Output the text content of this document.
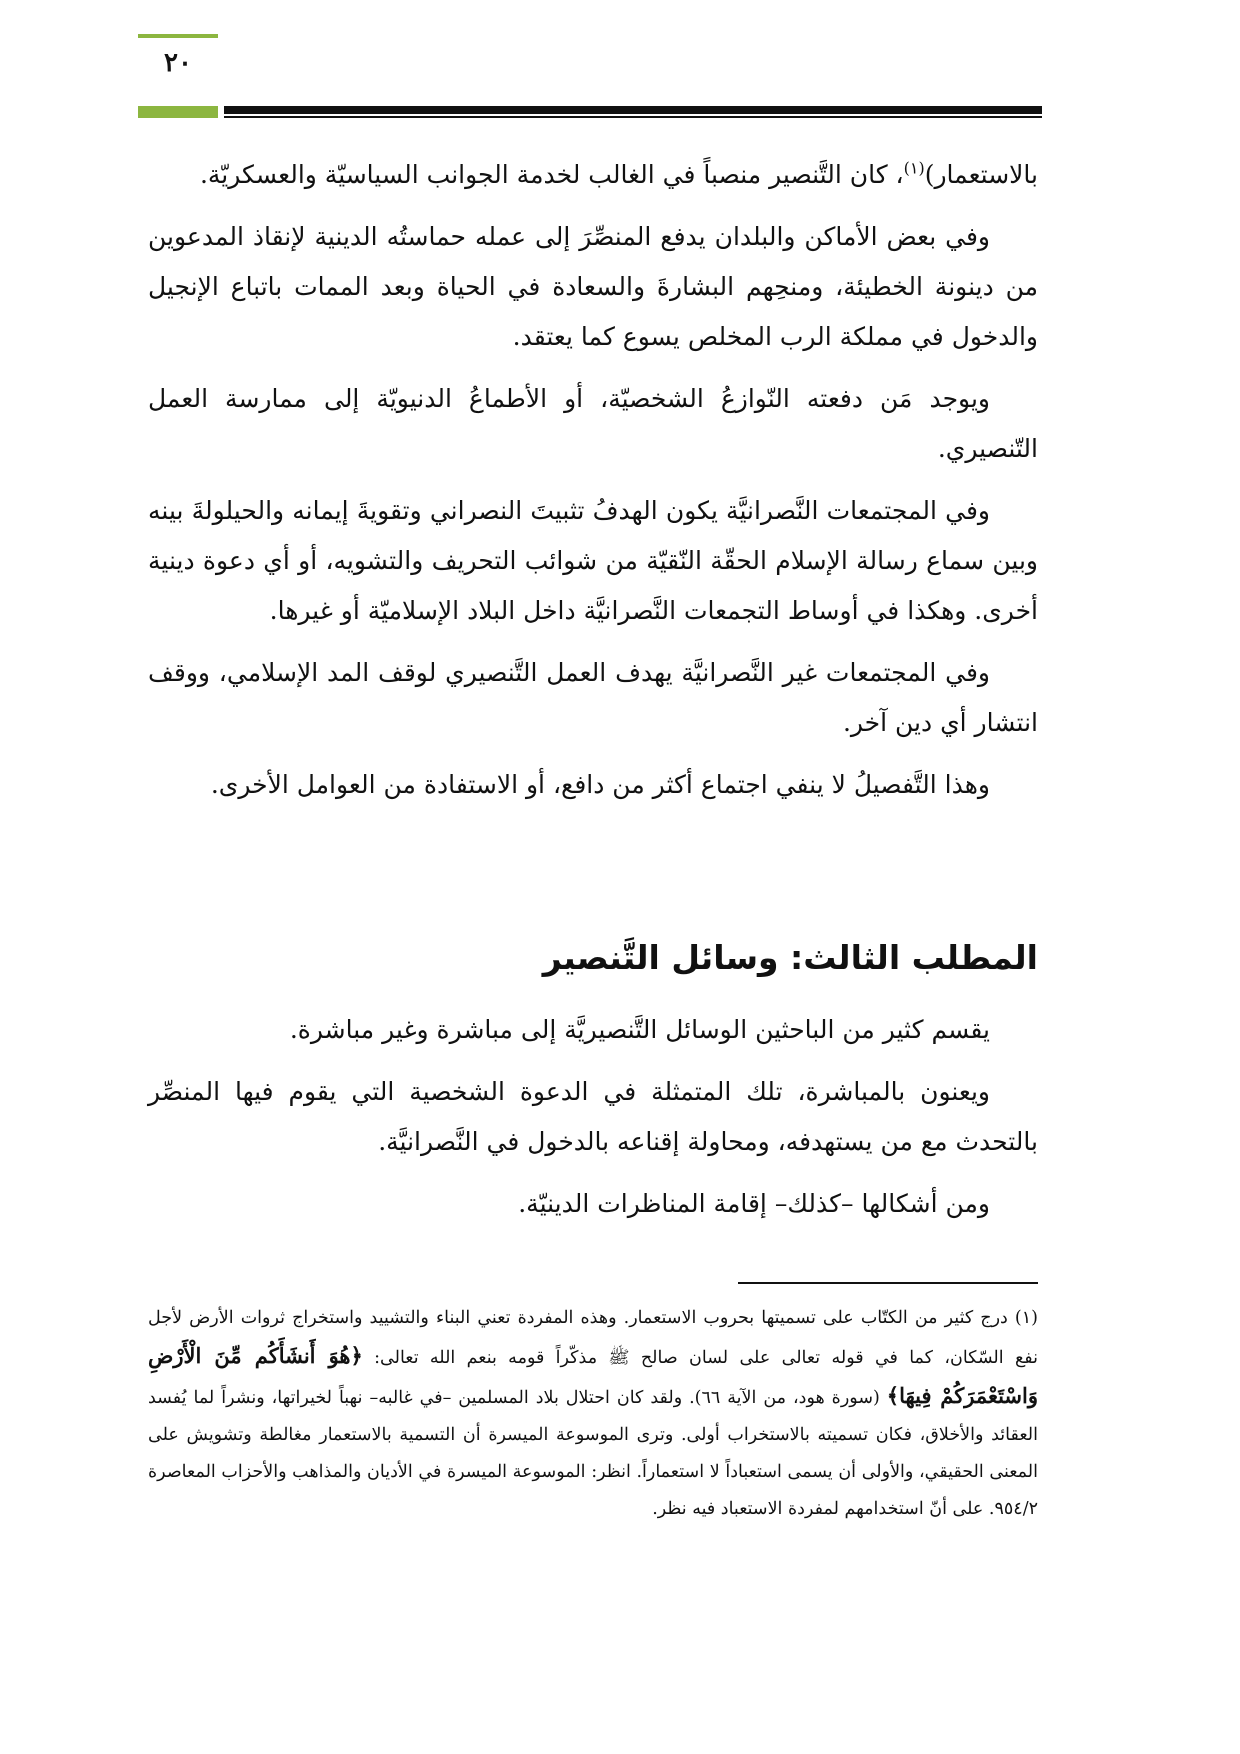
٢٠

بالاستعمار)$^{(١)}$، كان التَّنصير منصباً في الغالب لخدمة الجوانب السياسيّة والعسكريّة.

وفي بعض الأماكن والبلدان يدفع المنصِّرَ إلى عمله حماستُه الدينية لإنقاذ المدعوين من دينونة الخطيئة، ومنحِهم البشارةَ والسعادة في الحياة وبعد الممات باتباع الإنجيل والدخول في مملكة الرب المخلص يسوع كما يعتقد.

ويوجد مَن دفعته النّوازعُ الشخصيّة، أو الأطماعُ الدنيويّة إلى ممارسة العمل التّنصيري.

وفي المجتمعات النَّصرانيَّة يكون الهدفُ تثبيتَ النصراني وتقويةَ إيمانه والحيلولةَ بينه وبين سماع رسالة الإسلام الحقّة النّقيّة من شوائب التحريف والتشويه، أو أي دعوة دينية أخرى. وهكذا في أوساط التجمعات النَّصرانيَّة داخل البلاد الإسلاميّة أو غيرها.

وفي المجتمعات غير النَّصرانيَّة يهدف العمل التَّنصيري لوقف المد الإسلامي، ووقف انتشار أي دين آخر.

وهذا التَّفصيلُ لا ينفي اجتماع أكثر من دافع، أو الاستفادة من العوامل الأخرى.

المطلب الثالث: وسائل التَّنصير

يقسم كثير من الباحثين الوسائل التَّنصيريَّة إلى مباشرة وغير مباشرة.

ويعنون بالمباشرة، تلك المتمثلة في الدعوة الشخصية التي يقوم فيها المنصِّر بالتحدث مع من يستهدفه، ومحاولة إقناعه بالدخول في النَّصرانيَّة.

ومن أشكالها –كذلك– إقامة المناظرات الدينيّة.

(١) درج كثير من الكتّاب على تسميتها بحروب الاستعمار. وهذه المفردة تعني البناء والتشييد واستخراج ثروات الأرض لأجل نفع السّكان، كما في قوله تعالى على لسان صالح ﷺ مذكّراً قومه بنعم الله تعالى: ﴿هُوَ أَنشَأَكُم مِّنَ الْأَرْضِ وَاسْتَعْمَرَكُمْ فِيهَا﴾ (سورة هود، من الآية ٦٦). ولقد كان احتلال بلاد المسلمين –في غالبه– نهباً لخيراتها، ونشراً لما يُفسد العقائد والأخلاق، فكان تسميته بالاستخراب أولى. وترى الموسوعة الميسرة أن التسمية بالاستعمار مغالطة وتشويش على المعنى الحقيقي، والأولى أن يسمى استعباداً لا استعماراً. انظر: الموسوعة الميسرة في الأديان والمذاهب والأحزاب المعاصرة ٩٥٤/٢. على أنّ استخدامهم لمفردة الاستعباد فيه نظر.
